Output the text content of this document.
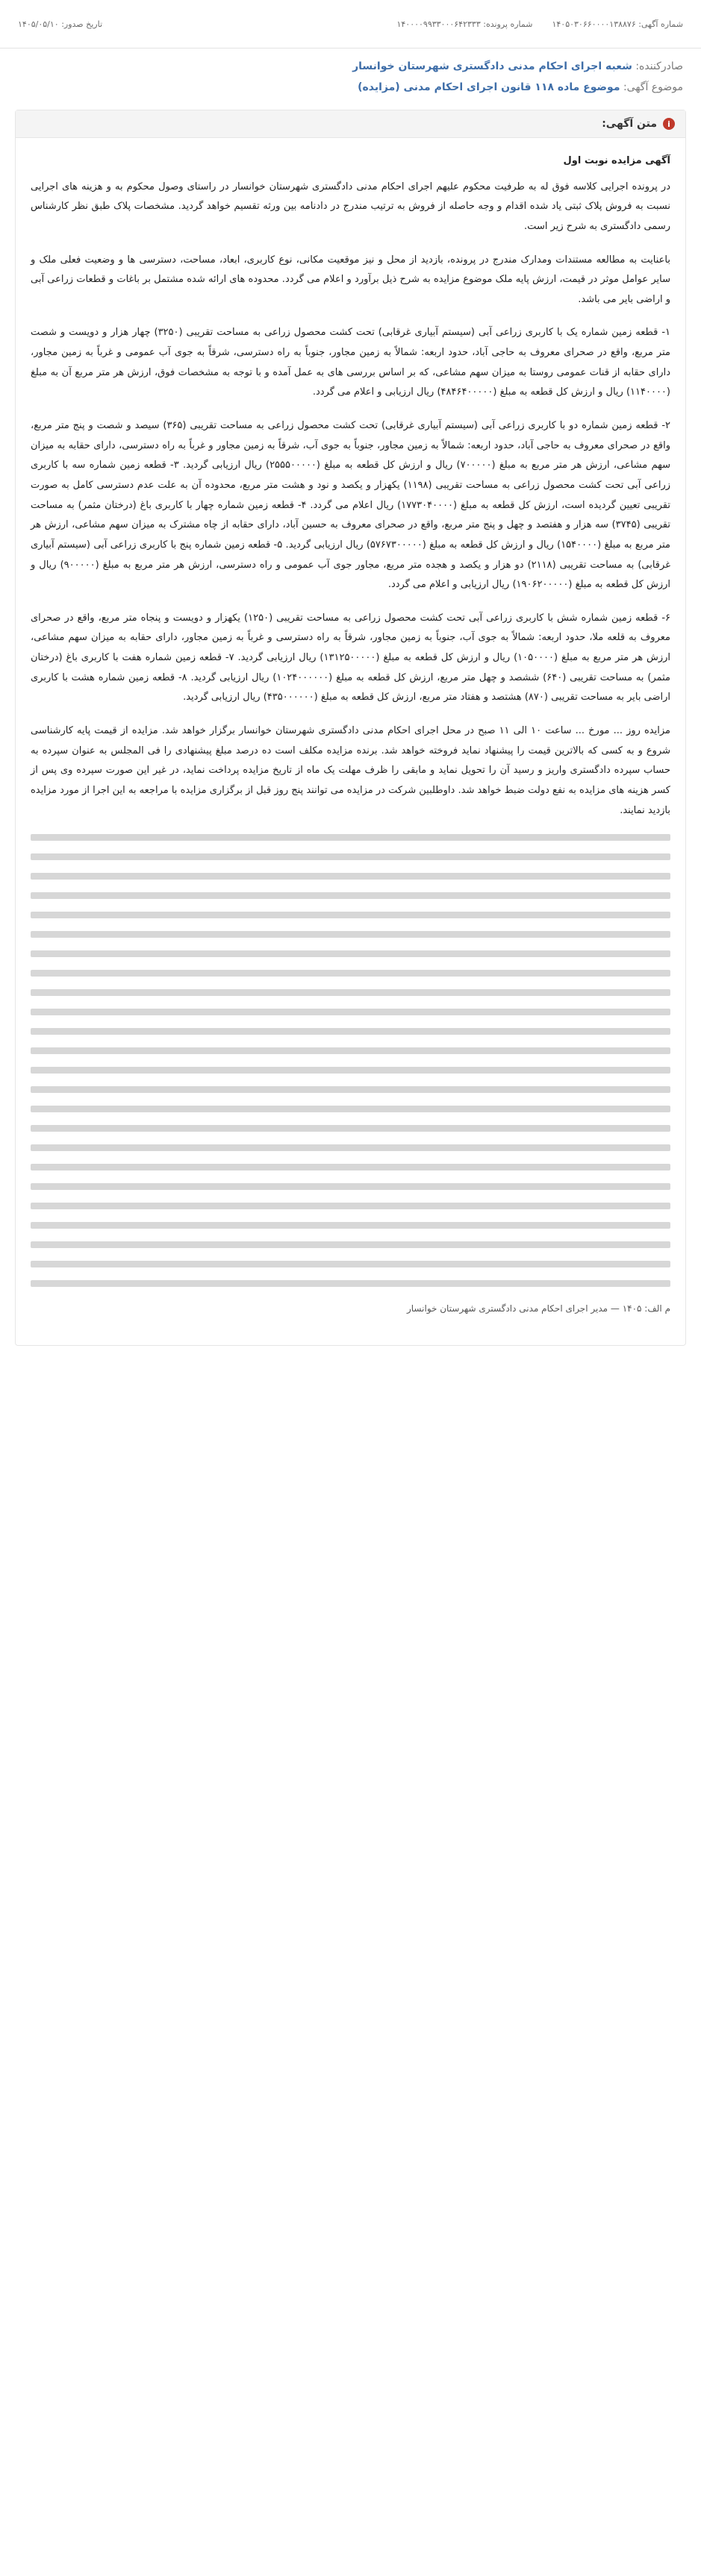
شماره آگهی: ۱۴۰۵۰۳۰۶۶۰۰۰۰۱۳۸۸۷۶
شماره پرونده: ۱۴۰۰۰۰۹۹۳۳۰۰۰۶۴۲۳۳۳
تاریخ صدور: ۱۴۰۵/۰۵/۱۰
صادرکننده: شعبه اجرای احکام مدنی دادگستری شهرستان خوانسار
موضوع آگهی: موضوع ماده ۱۱۸ قانون اجرای احکام مدنی (مزایده)
i
متن آگهی:
آگهی مزایده نوبت اول

در پرونده اجرایی کلاسه فوق له به طرفیت محکوم علیهم اجرای احکام مدنی دادگستری شهرستان خوانسار در راستای وصول محکوم به و هزینه های اجرایی نسبت به فروش پلاک ثبتی یاد شده اقدام و وجه حاصله از فروش به ترتیب مندرج در دادنامه بین ورثه تقسیم خواهد گردید. مشخصات پلاک طبق نظر کارشناس رسمی دادگستری به شرح زیر است.

باعنایت به مطالعه مستندات ومدارک مندرج در پرونده، بازدید از محل و نیز موقعیت مکانی، نوع کاربری، ابعاد، مساحت، دسترسی ها و وضعیت فعلی ملک و سایر عوامل موثر در قیمت، ارزش پایه ملک موضوع مزایده به شرح ذیل برآورد و اعلام می گردد. محدوده های ارائه شده مشتمل بر باغات و قطعات زراعی آبی و اراضی بایر می باشد.

۱- قطعه زمین شماره یک با کاربری زراعی آبی (سیستم آبیاری غرقابی) تحت کشت محصول زراعی به مساحت تقریبی (۳۲۵۰) چهار هزار و دویست و شصت متر مربع، واقع در صحرای معروف به حاجی آباد، حدود اربعه: شمالاً به زمین مجاور، جنوباً به راه دسترسی، شرقاً به جوی آب عمومی و غرباً به زمین مجاور، دارای حقابه از قنات عمومی روستا به میزان سهم مشاعی، که بر اساس بررسی های به عمل آمده و با توجه به مشخصات فوق، ارزش هر متر مربع آن به مبلغ (۱۱۴۰۰۰۰) ریال و ارزش کل قطعه به مبلغ (۴۸۴۶۴۰۰۰۰۰) ریال ارزیابی و اعلام می گردد.

۲- قطعه زمین شماره دو با کاربری زراعی آبی (سیستم آبیاری غرقابی) تحت کشت محصول زراعی به مساحت تقریبی (۳۶۵) سیصد و شصت و پنج متر مربع، واقع در صحرای معروف به حاجی آباد، حدود اربعه: شمالاً به زمین مجاور، جنوباً به جوی آب، شرقاً به زمین مجاور و غرباً به راه دسترسی، دارای حقابه به میزان سهم مشاعی، ارزش هر متر مربع به مبلغ (۷۰۰۰۰۰) ریال و ارزش کل قطعه به مبلغ (۲۵۵۵۰۰۰۰۰) ریال ارزیابی گردید. ۳- قطعه زمین شماره سه با کاربری زراعی آبی تحت کشت محصول زراعی به مساحت تقریبی (۱۱۹۸) یکهزار و یکصد و نود و هشت متر مربع، محدوده آن به علت عدم دسترسی کامل به صورت تقریبی تعیین گردیده است، ارزش کل قطعه به مبلغ (۱۷۷۳۰۴۰۰۰۰) ریال اعلام می گردد. ۴- قطعه زمین شماره چهار با کاربری باغ (درختان مثمر) به مساحت تقریبی (۳۷۴۵) سه هزار و هفتصد و چهل و پنج متر مربع، واقع در صحرای معروف به حسین آباد، دارای حقابه از چاه مشترک به میزان سهم مشاعی، ارزش هر متر مربع به مبلغ (۱۵۴۰۰۰۰) ریال و ارزش کل قطعه به مبلغ (۵۷۶۷۳۰۰۰۰۰) ریال ارزیابی گردید. ۵- قطعه زمین شماره پنج با کاربری زراعی آبی (سیستم آبیاری غرقابی) به مساحت تقریبی (۲۱۱۸) دو هزار و یکصد و هجده متر مربع، مجاور جوی آب عمومی و راه دسترسی، ارزش هر متر مربع به مبلغ (۹۰۰۰۰۰) ریال و ارزش کل قطعه به مبلغ (۱۹۰۶۲۰۰۰۰۰) ریال ارزیابی و اعلام می گردد.

۶- قطعه زمین شماره شش با کاربری زراعی آبی تحت کشت محصول زراعی به مساحت تقریبی (۱۲۵۰) یکهزار و دویست و پنجاه متر مربع، واقع در صحرای معروف به قلعه ملا، حدود اربعه: شمالاً به جوی آب، جنوباً به زمین مجاور، شرقاً به راه دسترسی و غرباً به زمین مجاور، دارای حقابه به میزان سهم مشاعی، ارزش هر متر مربع به مبلغ (۱۰۵۰۰۰۰) ریال و ارزش کل قطعه به مبلغ (۱۳۱۲۵۰۰۰۰۰) ریال ارزیابی گردید. ۷- قطعه زمین شماره هفت با کاربری باغ (درختان مثمر) به مساحت تقریبی (۶۴۰) ششصد و چهل متر مربع، ارزش کل قطعه به مبلغ (۱۰۲۴۰۰۰۰۰۰) ریال ارزیابی گردید. ۸- قطعه زمین شماره هشت با کاربری اراضی بایر به مساحت تقریبی (۸۷۰) هشتصد و هفتاد متر مربع، ارزش کل قطعه به مبلغ (۴۳۵۰۰۰۰۰۰) ریال ارزیابی گردید.

مزایده روز ... مورخ ... ساعت ۱۰ الی ۱۱ صبح در محل اجرای احکام مدنی دادگستری شهرستان خوانسار برگزار خواهد شد. مزایده از قیمت پایه کارشناسی شروع و به کسی که بالاترین قیمت را پیشنهاد نماید فروخته خواهد شد. برنده مزایده مکلف است ده درصد مبلغ پیشنهادی را فی المجلس به عنوان سپرده به حساب سپرده دادگستری واریز و رسید آن را تحویل نماید و مابقی را ظرف مهلت یک ماه از تاریخ مزایده پرداخت نماید، در غیر این صورت سپرده وی پس از کسر هزینه های مزایده به نفع دولت ضبط خواهد شد. داوطلبین شرکت در مزایده می توانند پنج روز قبل از برگزاری مزایده با مراجعه به این اجرا از مورد مزایده بازدید نمایند.

م الف: ۱۴۰۵ — مدیر اجرای احکام مدنی دادگستری شهرستان خوانسار
